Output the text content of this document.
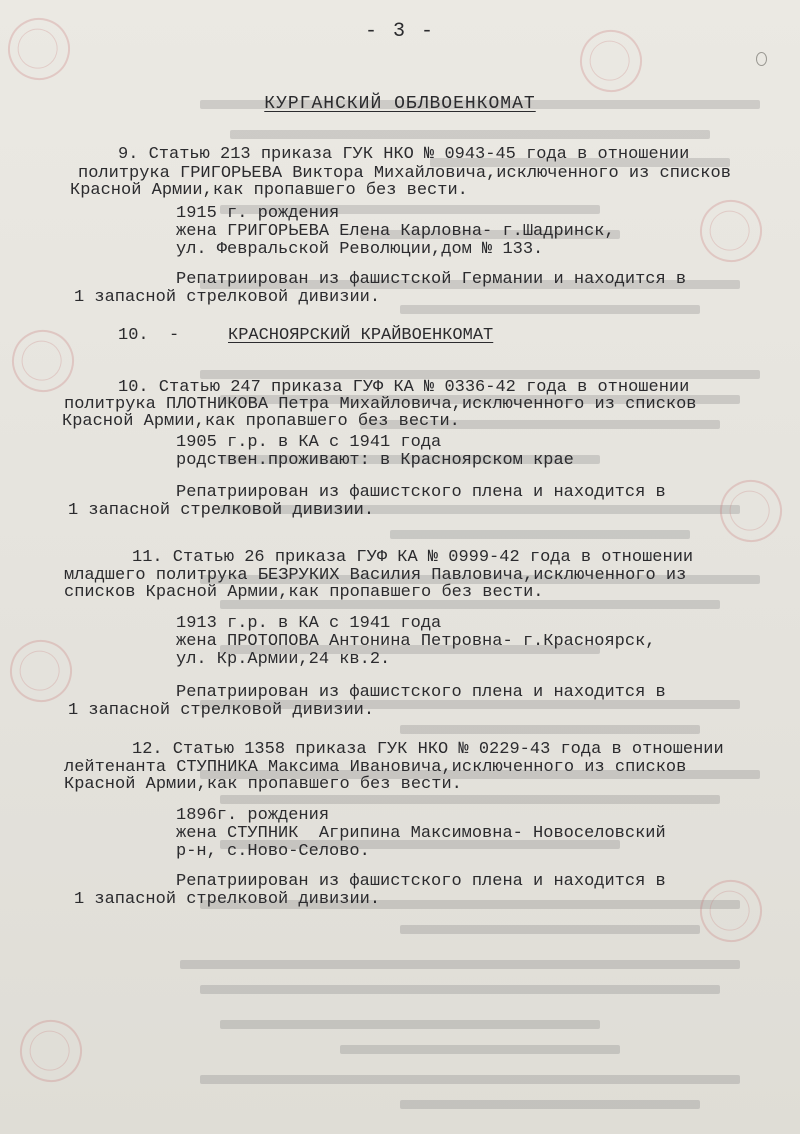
- 3 -
КУРГАНСКИЙ ОБЛВОЕНКОМАТ
9. Статью 213 приказа ГУК НКО № 0943-45 года в отношении
политрука ГРИГОРЬЕВА Виктора Михайловича,исключенного из списков
Красной Армии,как пропавшего без вести.
1915 г. рождения
жена ГРИГОРЬЕВА Елена Карловна- г.Шадринск,
ул. Февральской Революции,дом № 133.
Репатриирован из фашистской Германии и находится в
1 запасной стрелковой дивизии.
10.  -	КРАСНОЯРСКИЙ КРАЙВОЕНКОМАТ
10. Статью 247 приказа ГУФ КА № 0336-42 года в отношении
политрука ПЛОТНИКОВА Петра Михайловича,исключенного из списков
Красной Армии,как пропавшего без вести.
1905 г.р. в КА с 1941 года
родствен.проживают: в Красноярском крае
Репатриирован из фашистского плена и находится в
1 запасной стрелковой дивизии.
11. Статью 26 приказа ГУФ КА № 0999-42 года в отношении
младшего политрука БЕЗРУКИХ Василия Павловича,исключенного из
списков Красной Армии,как пропавшего без вести.
1913 г.р. в КА с 1941 года
жена ПРОТОПОВА Антонина Петровна- г.Красноярск,
ул. Кр.Армии,24 кв.2.
Репатриирован из фашистского плена и находится в
1 запасной стрелковой дивизии.
12. Статью 1358 приказа ГУК НКО № 0229-43 года в отношении
лейтенанта СТУПНИКА Максима Ивановича,исключенного из списков
Красной Армии,как пропавшего без вести.
1896г. рождения
жена СТУПНИК  Агрипина Максимовна- Новоселовский
р-н, с.Ново-Селово.
Репатриирован из фашистского плена и находится в
1 запасной стрелковой дивизии.
